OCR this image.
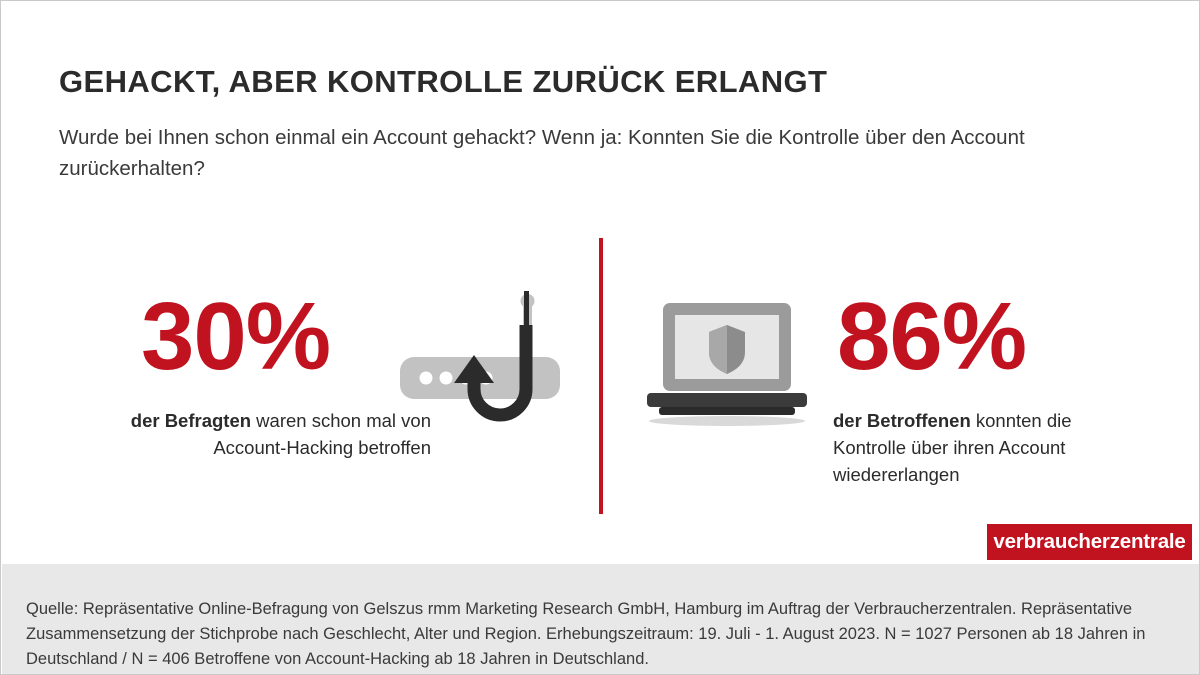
GEHACKT, ABER KONTROLLE ZURÜCK ERLANGT

Wurde bei Ihnen schon einmal ein Account gehackt? Wenn ja: Konnten Sie die Kontrolle über den Account zurückerhalten?

30%
der Befragten waren schon mal von Account-Hacking betroffen
86%
der Betroffenen konnten die Kontrolle über ihren Account wiedererlangen
verbraucherzentrale

Quelle: Repräsentative Online-Befragung von Gelszus rmm Marketing Research GmbH, Hamburg im Auftrag der Verbraucherzentralen. Repräsentative Zusammensetzung der Stichprobe nach Geschlecht, Alter und Region. Erhebungszeitraum: 19. Juli - 1. August 2023. N = 1027 Personen ab 18 Jahren in Deutschland / N = 406 Betroffene von Account-Hacking ab 18 Jahren in Deutschland.
